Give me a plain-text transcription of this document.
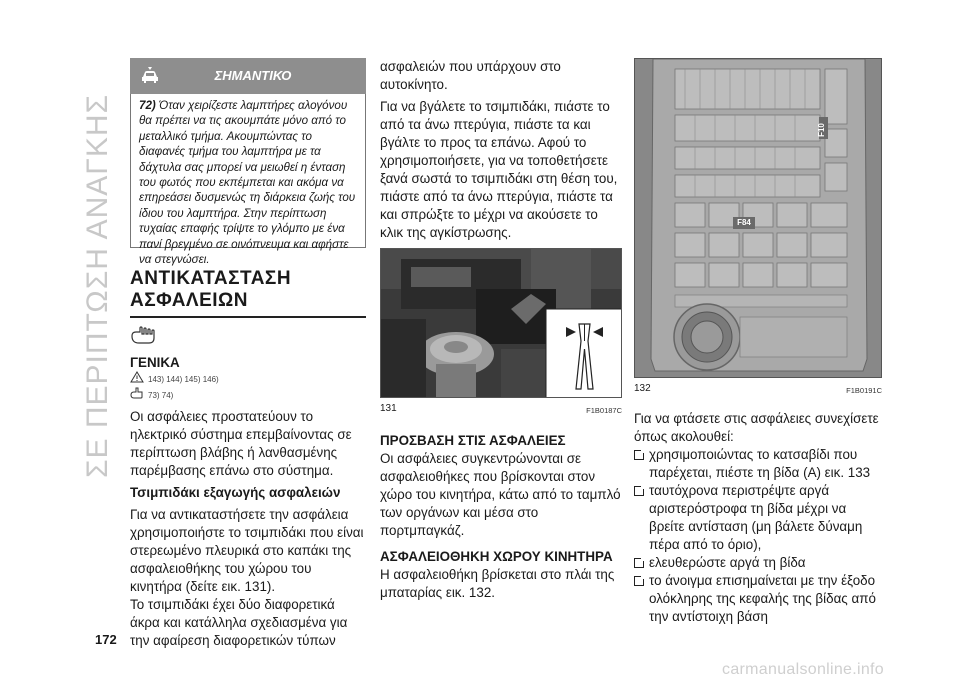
ΣΕ ΠΕΡΙΠΤΩΣΗ ΑΝΑΓΚΗΣ
172
ΣΗΜΑΝΤΙΚΟ
72) Όταν χειρίζεστε λαμπτήρες αλογόνου θα πρέπει να τις ακουμπάτε μόνο από το μεταλλικό τμήμα. Ακουμπώντας το διαφανές τμήμα του λαμπτήρα με τα δάχτυλα σας μπορεί να μειωθεί η ένταση του φωτός που εκπέμπεται και ακόμα να επηρεάσει δυσμενώς τη διάρκεια ζωής του ίδιου του λαμπτήρα. Στην περίπτωση τυχαίας επαφής τρίψτε το γλόμπο με ένα πανί βρεγμένο σε οινόπνευμα και αφήστε να στεγνώσει.
ΑΝΤΙΚΑΤΑΣΤΑΣΗ
ΑΣΦΑΛΕΙΩΝ
ΓΕΝΙΚΑ
143) 144) 145) 146)
73) 74)
Οι ασφάλειες προστατεύουν το ηλεκτρικό σύστημα επεμβαίνοντας σε περίπτωση βλάβης ή λανθασμένης παρέμβασης επάνω στο σύστημα.
Τσιμπιδάκι εξαγωγής ασφαλειών
Για να αντικαταστήσετε την ασφάλεια χρησιμοποιήστε το τσιμπιδάκι που είναι στερεωμένο πλευρικά στο καπάκι της ασφαλειοθήκης του χώρου του κινητήρα (δείτε εικ. 131).
Το τσιμπιδάκι έχει δύο διαφορετικά άκρα και κατάλληλα σχεδιασμένα για την αφαίρεση διαφορετικών τύπων
ασφαλειών που υπάρχουν στο αυτοκίνητο.
Για να βγάλετε το τσιμπιδάκι, πιάστε το από τα άνω πτερύγια, πιάστε τα και βγάλτε το προς τα επάνω. Αφού το χρησιμοποιήσετε, για να τοποθετήσετε ξανά σωστά το τσιμπιδάκι στη θέση του, πιάστε από τα άνω πτερύγια, πιάστε τα και σπρώξτε το μέχρι να ακούσετε το κλικ της αγκίστρωσης.
131	F1B0187C
ΠΡΟΣΒΑΣΗ ΣΤΙΣ ΑΣΦΑΛΕΙΕΣ
Οι ασφάλειες συγκεντρώνονται σε ασφαλειοθήκες που βρίσκονται στον χώρο του κινητήρα, κάτω από το ταμπλό των οργάνων και μέσα στο πορτμπαγκάζ.
ΑΣΦΑΛΕΙΟΘΗΚΗ ΧΩΡΟΥ ΚΙΝΗΤΗΡΑ
Η ασφαλειοθήκη βρίσκεται στο πλάι της μπαταρίας εικ. 132.
F10
F84
132	F1B0191C
Για να φτάσετε στις ασφάλειες συνεχίσετε όπως ακολουθεί:
χρησιμοποιώντας το κατσαβίδι που παρέχεται, πιέστε τη βίδα (A) εικ. 133
ταυτόχρονα περιστρέψτε αργά αριστερόστροφα τη βίδα μέχρι να βρείτε αντίσταση (μη βάλετε δύναμη πέρα από το όριο),
ελευθερώστε αργά τη βίδα
το άνοιγμα επισημαίνεται με την έξοδο ολόκληρης της κεφαλής της βίδας από την αντίστοιχη βάση
carmanualsonline.info
